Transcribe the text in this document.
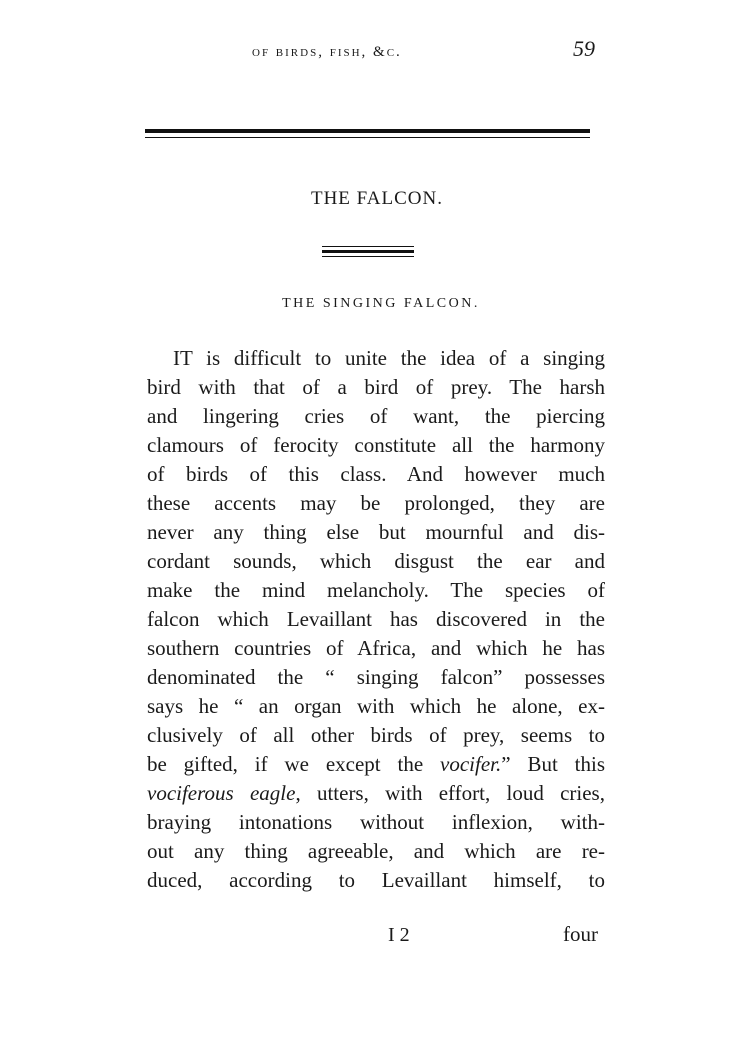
of birds, fish, &c.	59
THE FALCON.
THE SINGING FALCON.
IT is difficult to unite the idea of a singing
bird with that of a bird of prey. The harsh
and lingering cries of want, the piercing
clamours of ferocity constitute all the harmony
of birds of this class. And however much
these accents may be prolonged, they are
never any thing else but mournful and dis-
cordant sounds, which disgust the ear and
make the mind melancholy. The species of
falcon which Levaillant has discovered in the
southern countries of Africa, and which he has
denominated the “ singing falcon” possesses
says he “ an organ with which he alone, ex-
clusively of all other birds of prey, seems to
be gifted, if we except the vocifer.” But this
vociferous eagle, utters, with effort, loud cries,
braying intonations without inflexion, with-
out any thing agreeable, and which are re-
duced, according to Levaillant himself, to
I 2	four
